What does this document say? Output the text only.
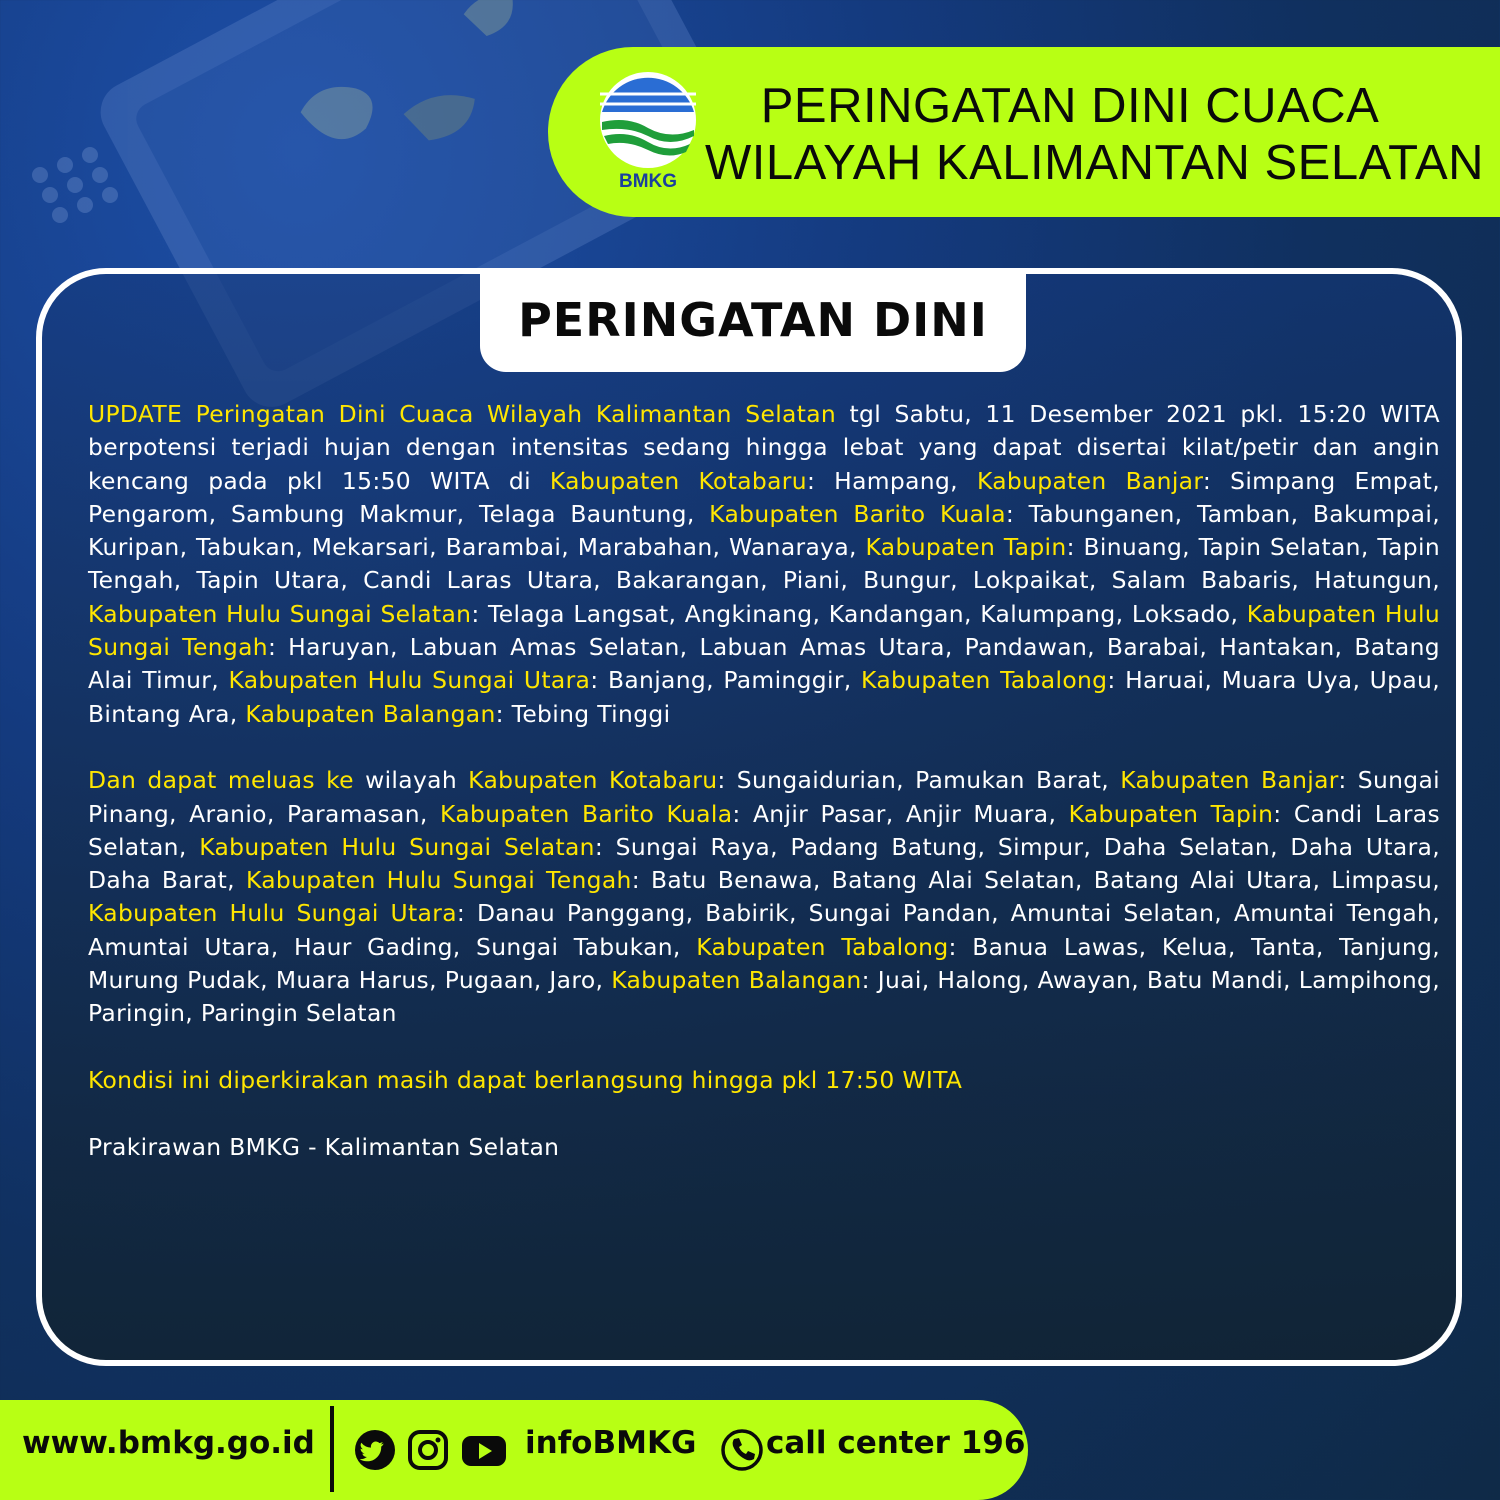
BMKG
PERINGATAN DINI CUACA
WILAYAH KALIMANTAN SELATAN
PERINGATAN DINI

UPDATE Peringatan Dini Cuaca Wilayah Kalimantan Selatan tgl Sabtu, 11 Desember 2021 pkl. 15:20 WITA berpotensi terjadi hujan dengan intensitas sedang hingga lebat yang dapat disertai kilat/petir dan angin kencang pada pkl 15:50 WITA di Kabupaten Kotabaru: Hampang, Kabupaten Banjar: Simpang Empat, Pengarom, Sambung Makmur, Telaga Bauntung, Kabupaten Barito Kuala: Tabunganen, Tamban, Bakumpai, Kuripan, Tabukan, Mekarsari, Barambai, Marabahan, Wanaraya, Kabupaten Tapin: Binuang, Tapin Selatan, Tapin Tengah, Tapin Utara, Candi Laras Utara, Bakarangan, Piani, Bungur, Lokpaikat, Salam Babaris, Hatungun, Kabupaten Hulu Sungai Selatan: Telaga Langsat, Angkinang, Kandangan, Kalumpang, Loksado, Kabupaten Hulu Sungai Tengah: Haruyan, Labuan Amas Selatan, Labuan Amas Utara, Pandawan, Barabai, Hantakan, Batang Alai Timur, Kabupaten Hulu Sungai Utara: Banjang, Paminggir, Kabupaten Tabalong: Haruai, Muara Uya, Upau, Bintang Ara, Kabupaten Balangan: Tebing Tinggi

Dan dapat meluas ke wilayah Kabupaten Kotabaru: Sungaidurian, Pamukan Barat, Kabupaten Banjar: Sungai Pinang, Aranio, Paramasan, Kabupaten Barito Kuala: Anjir Pasar, Anjir Muara, Kabupaten Tapin: Candi Laras Selatan, Kabupaten Hulu Sungai Selatan: Sungai Raya, Padang Batung, Simpur, Daha Selatan, Daha Utara, Daha Barat, Kabupaten Hulu Sungai Tengah: Batu Benawa, Batang Alai Selatan, Batang Alai Utara, Limpasu, Kabupaten Hulu Sungai Utara: Danau Panggang, Babirik, Sungai Pandan, Amuntai Selatan, Amuntai Tengah, Amuntai Utara, Haur Gading, Sungai Tabukan, Kabupaten Tabalong: Banua Lawas, Kelua, Tanta, Tanjung, Murung Pudak, Muara Harus, Pugaan, Jaro, Kabupaten Balangan: Juai, Halong, Awayan, Batu Mandi, Lampihong, Paringin, Paringin Selatan

Kondisi ini diperkirakan masih dapat berlangsung hingga pkl 17:50 WITA

Prakirawan BMKG - Kalimantan Selatan

www.bmkg.go.id	infoBMKG call center 196
